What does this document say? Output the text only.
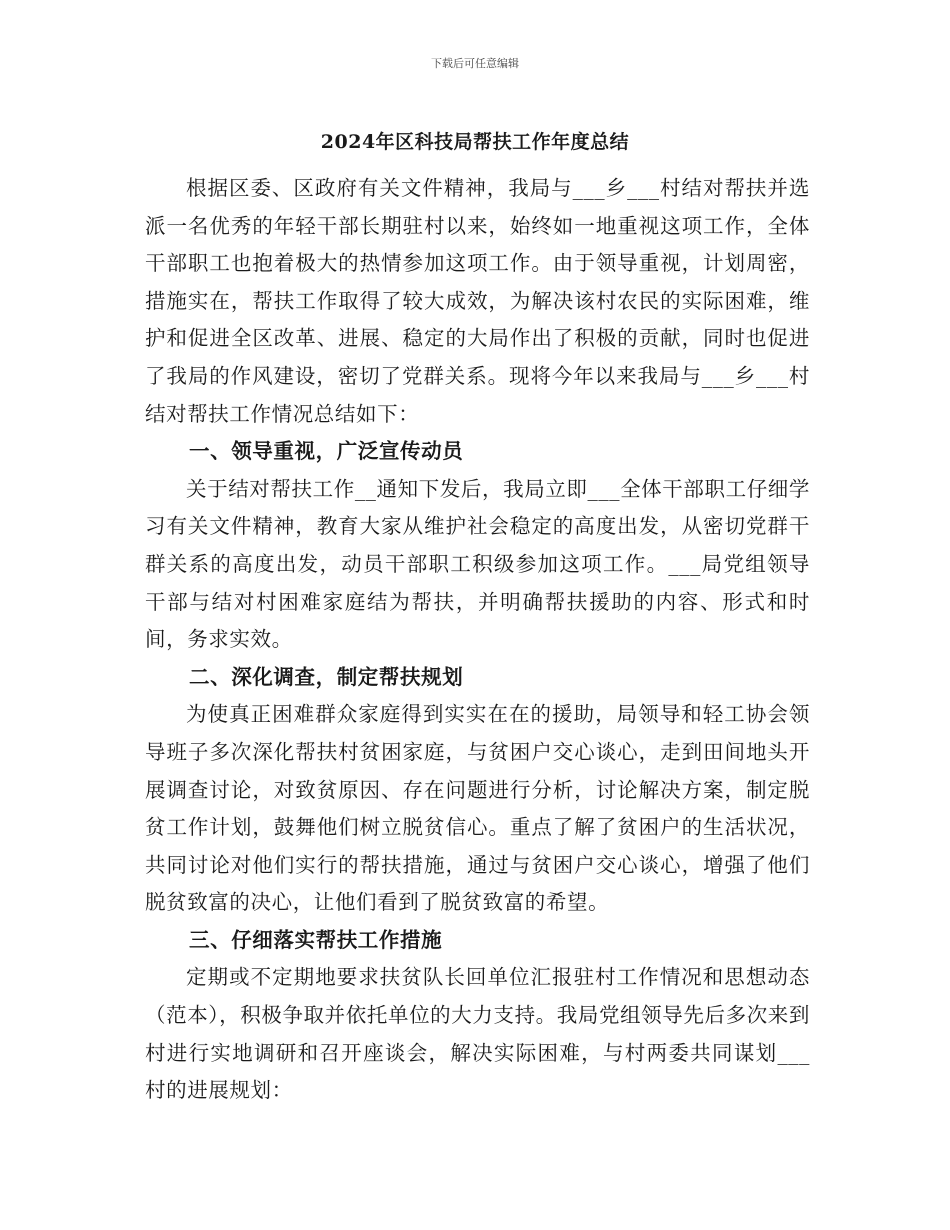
下载后可任意编辑
2024年区科技局帮扶工作年度总结

根据区委、区政府有关文件精神，我局与___乡___村结对帮扶并选派一名优秀的年轻干部长期驻村以来，始终如一地重视这项工作，全体干部职工也抱着极大的热情参加这项工作。由于领导重视，计划周密，措施实在，帮扶工作取得了较大成效，为解决该村农民的实际困难，维护和促进全区改革、进展、稳定的大局作出了积极的贡献，同时也促进了我局的作风建设，密切了党群关系。现将今年以来我局与___乡___村结对帮扶工作情况总结如下：

一、领导重视，广泛宣传动员

关于结对帮扶工作__通知下发后，我局立即___全体干部职工仔细学习有关文件精神，教育大家从维护社会稳定的高度出发，从密切党群干群关系的高度出发，动员干部职工积级参加这项工作。___局党组领导干部与结对村困难家庭结为帮扶，并明确帮扶援助的内容、形式和时间，务求实效。

二、深化调查，制定帮扶规划

为使真正困难群众家庭得到实实在在的援助，局领导和轻工协会领导班子多次深化帮扶村贫困家庭，与贫困户交心谈心，走到田间地头开展调查讨论，对致贫原因、存在问题进行分析，讨论解决方案，制定脱贫工作计划，鼓舞他们树立脱贫信心。重点了解了贫困户的生活状况，共同讨论对他们实行的帮扶措施，通过与贫困户交心谈心，增强了他们脱贫致富的决心，让他们看到了脱贫致富的希望。

三、仔细落实帮扶工作措施

定期或不定期地要求扶贫队长回单位汇报驻村工作情况和思想动态（范本），积极争取并依托单位的大力支持。我局党组领导先后多次来到村进行实地调研和召开座谈会，解决实际困难，与村两委共同谋划___村的进展规划：
